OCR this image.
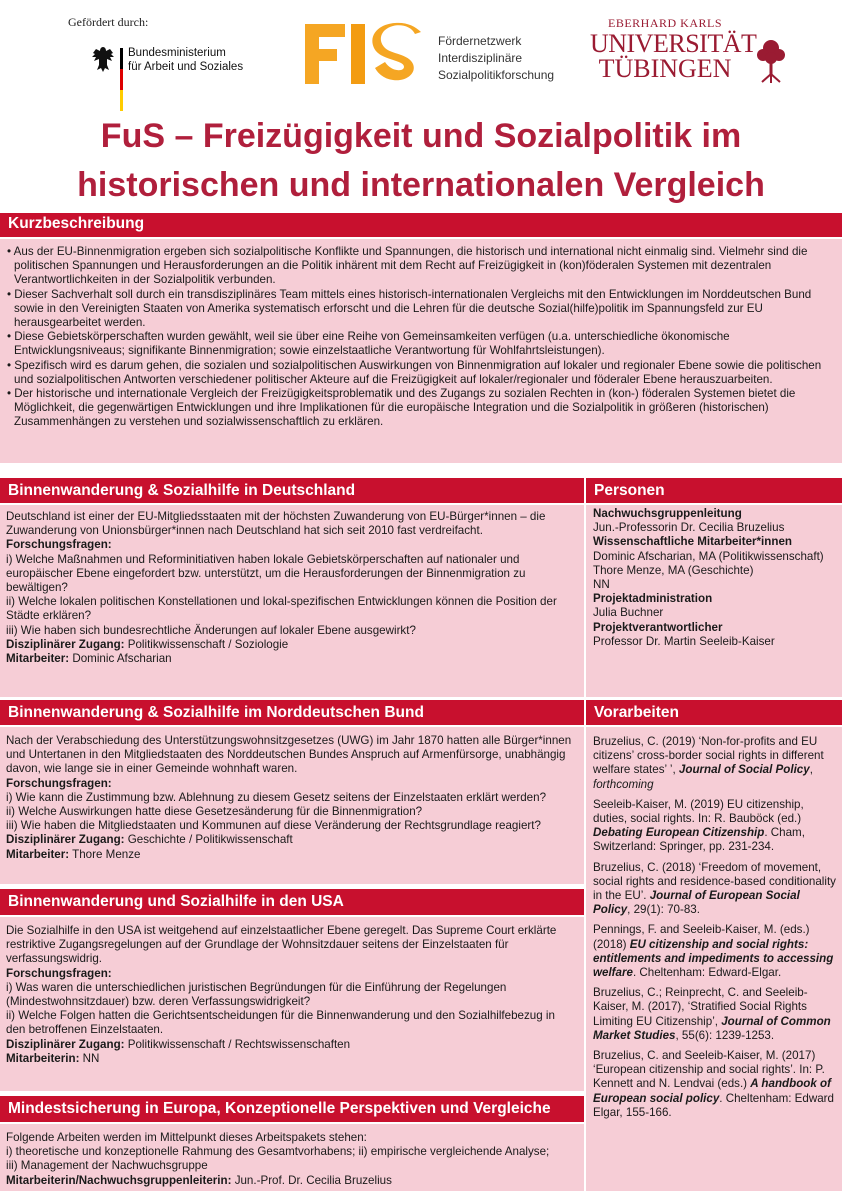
Gefördert durch:
Bundesministerium
für Arbeit und Soziales
Fördernetzwerk
Interdisziplinäre
Sozialpolitikforschung
EBERHARD KARLS
UNIVERSITÄT
TÜBINGEN
FuS – Freizügigkeit und Sozialpolitik im
historischen und internationalen Vergleich
Kurzbeschreibung

• Aus der EU-Binnenmigration ergeben sich sozialpolitische Konflikte und Spannungen, die historisch und international nicht einmalig sind. Vielmehr sind die politischen Spannungen und Herausforderungen an die Politik inhärent mit dem Recht auf Freizügigkeit in (kon)föderalen Systemen mit dezentralen Verantwortlichkeiten in der Sozialpolitik verbunden.

• Dieser Sachverhalt soll durch ein transdisziplinäres Team mittels eines historisch-internationalen Vergleichs mit den Entwicklungen im Norddeutschen Bund sowie in den Vereinigten Staaten von Amerika systematisch erforscht und die Lehren für die deutsche Sozial(hilfe)politik im Spannungsfeld zur EU herausgearbeitet werden.

• Diese Gebietskörperschaften wurden gewählt, weil sie über eine Reihe von Gemeinsamkeiten verfügen (u.a. unterschiedliche ökonomische Entwicklungsniveaus; signifikante Binnenmigration; sowie einzelstaatliche Verantwortung für Wohlfahrtsleistungen).

• Spezifisch wird es darum gehen, die sozialen und sozialpolitischen Auswirkungen von Binnenmigration auf lokaler und regionaler Ebene sowie die politischen und sozialpolitischen Antworten verschiedener politischer Akteure auf die Freizügigkeit auf lokaler/regionaler und föderaler Ebene herauszuarbeiten.

• Der historische und internationale Vergleich der Freizügigkeitsproblematik und des Zugangs zu sozialen Rechten in (kon-) föderalen Systemen bietet die Möglichkeit, die gegenwärtigen Entwicklungen und ihre Implikationen für die europäische Integration und die Sozialpolitik in größeren (historischen) Zusammenhängen zu verstehen und sozialwissenschaftlich zu erklären.

Binnenwanderung & Sozialhilfe in Deutschland

Deutschland ist einer der EU-Mitgliedsstaaten mit der höchsten Zuwanderung von EU-Bürger*innen – die Zuwanderung von Unionsbürger*innen nach Deutschland hat sich seit 2010 fast verdreifacht.

Forschungsfragen:

i) Welche Maßnahmen und Reforminitiativen haben lokale Gebietskörperschaften auf nationaler und europäischer Ebene eingefordert bzw. unterstützt, um die Herausforderungen der Binnenmigration zu bewältigen?

ii) Welche lokalen politischen Konstellationen und lokal-spezifischen Entwicklungen können die Position der Städte erklären?

iii) Wie haben sich bundesrechtliche Änderungen auf lokaler Ebene ausgewirkt?

Disziplinärer Zugang: Politikwissenschaft / Soziologie

Mitarbeiter: Dominic Afscharian

Personen

Nachwuchsgruppenleitung

Jun.-Professorin Dr. Cecilia Bruzelius

Wissenschaftliche Mitarbeiter*innen

Dominic Afscharian, MA (Politikwissenschaft)

Thore Menze, MA (Geschichte)

NN

Projektadministration

Julia Buchner

Projektverantwortlicher

Professor Dr. Martin Seeleib-Kaiser

Binnenwanderung & Sozialhilfe im Norddeutschen Bund

Nach der Verabschiedung des Unterstützungswohnsitzgesetzes (UWG) im Jahr 1870 hatten alle Bürger*innen und Untertanen in den Mitgliedstaaten des Norddeutschen Bundes Anspruch auf Armenfürsorge, unabhängig davon, wie lange sie in einer Gemeinde wohnhaft waren.

Forschungsfragen:

i) Wie kann die Zustimmung bzw. Ablehnung zu diesem Gesetz seitens der Einzelstaaten erklärt werden?

ii) Welche Auswirkungen hatte diese Gesetzesänderung für die Binnenmigration?

iii) Wie haben die Mitgliedstaaten und Kommunen auf diese Veränderung der Rechtsgrundlage reagiert?

Disziplinärer Zugang: Geschichte / Politikwissenschaft

Mitarbeiter: Thore Menze

Vorarbeiten

Bruzelius, C. (2019) ‘Non-for-profits and EU citizens’ cross-border social rights in different welfare states’ ’, Journal of Social Policy, forthcoming

Seeleib-Kaiser, M. (2019) EU citizenship, duties, social rights. In: R. Bauböck (ed.) Debating European Citizenship. Cham, Switzerland: Springer, pp. 231-234.

Bruzelius, C. (2018) ‘Freedom of movement, social rights and residence-based conditionality in the EU’. Journal of European Social Policy, 29(1): 70-83.

Pennings, F. and Seeleib-Kaiser, M. (eds.) (2018) EU citizenship and social rights: entitlements and impediments to accessing welfare. Cheltenham: Edward-Elgar.

Bruzelius, C.; Reinprecht, C. and Seeleib-Kaiser, M. (2017), ‘Stratified Social Rights Limiting EU Citizenship’, Journal of Common Market Studies, 55(6): 1239-1253.

Bruzelius, C. and Seeleib-Kaiser, M. (2017) ‘European citizenship and social rights’. In: P. Kennett and N. Lendvai (eds.) A handbook of European social policy. Cheltenham: Edward Elgar, 155-166.

Binnenwanderung und Sozialhilfe in den USA

Die Sozialhilfe in den USA ist weitgehend auf einzelstaatlicher Ebene geregelt. Das Supreme Court erklärte restriktive Zugangsregelungen auf der Grundlage der Wohnsitzdauer seitens der Einzelstaaten für verfassungswidrig.

Forschungsfragen:

i) Was waren die unterschiedlichen juristischen Begründungen für die Einführung der Regelungen (Mindestwohnsitzdauer) bzw. deren Verfassungswidrigkeit?

ii) Welche Folgen hatten die Gerichtsentscheidungen für die Binnenwanderung und den Sozialhilfebezug in den betroffenen Einzelstaaten.

Disziplinärer Zugang: Politikwissenschaft / Rechtswissenschaften

Mitarbeiterin: NN

Mindestsicherung in Europa, Konzeptionelle Perspektiven und Vergleiche

Folgende Arbeiten werden im Mittelpunkt dieses Arbeitspakets stehen:

i) theoretische und konzeptionelle Rahmung des Gesamtvorhabens; ii) empirische vergleichende Analyse;

iii) Management der Nachwuchsgruppe

Mitarbeiterin/Nachwuchsgruppenleiterin: Jun.-Prof. Dr. Cecilia Bruzelius
